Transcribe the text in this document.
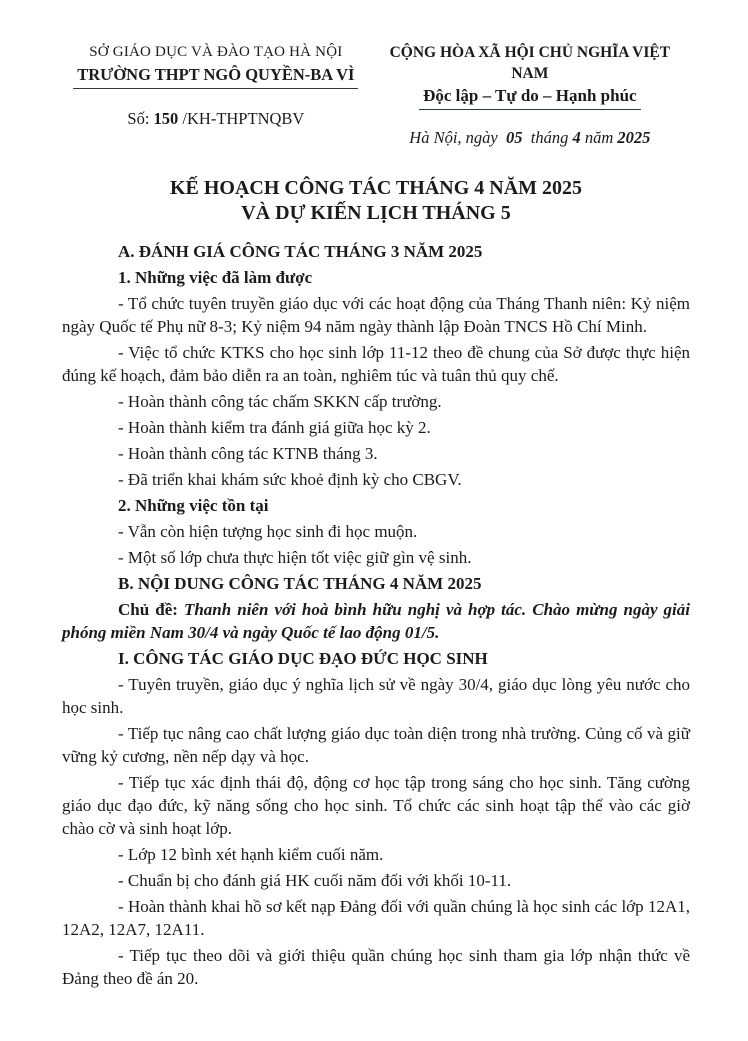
SỞ GIÁO DỤC VÀ ĐÀO TẠO HÀ NỘI
TRƯỜNG THPT NGÔ QUYỀN-BA VÌ
Số: 150 /KH-THPTNQBV
CỘNG HÒA XÃ HỘI CHỦ NGHĨA VIỆT NAM
Độc lập – Tự do – Hạnh phúc
Hà Nội, ngày  05  tháng 4 năm 2025
KẾ HOẠCH CÔNG TÁC THÁNG 4 NĂM 2025
VÀ DỰ KIẾN LỊCH THÁNG 5

A. ĐÁNH GIÁ CÔNG TÁC THÁNG 3 NĂM 2025

1. Những việc đã làm được

- Tổ chức tuyên truyền giáo dục với các hoạt động của Tháng Thanh niên: Kỷ niệm ngày Quốc tế Phụ nữ 8-3; Kỷ niệm 94 năm ngày thành lập Đoàn TNCS Hồ Chí Minh.

- Việc tổ chức KTKS cho học sinh lớp 11-12 theo đề chung của Sở được thực hiện đúng kế hoạch, đảm bảo diễn ra an toàn, nghiêm túc và tuân thủ quy chế.

- Hoàn thành công tác chấm SKKN cấp trường.

- Hoàn thành kiểm tra đánh giá giữa học kỳ 2.

- Hoàn thành công tác KTNB tháng 3.

- Đã triển khai khám sức khoẻ định kỳ cho CBGV.

2. Những việc tồn tại

- Vẫn còn hiện tượng học sinh đi học muộn.

- Một số lớp chưa thực hiện tốt việc giữ gìn vệ sinh.

B. NỘI DUNG CÔNG TÁC THÁNG 4 NĂM 2025

Chủ đề: Thanh niên với hoà bình hữu nghị và hợp tác. Chào mừng ngày giải phóng miền Nam 30/4 và ngày Quốc tế lao động 01/5.

I. CÔNG TÁC GIÁO DỤC ĐẠO ĐỨC HỌC SINH

- Tuyên truyền, giáo dục ý nghĩa lịch sử về ngày 30/4, giáo dục lòng yêu nước cho học sinh.

- Tiếp tục nâng cao chất lượng giáo dục toàn diện trong nhà trường. Củng cố và giữ vững kỷ cương, nền nếp dạy và học.

- Tiếp tục xác định thái độ, động cơ học tập trong sáng cho học sinh. Tăng cường giáo dục đạo đức, kỹ năng sống cho học sinh. Tổ chức các sinh hoạt tập thể vào các giờ chào cờ và sinh hoạt lớp.

- Lớp 12 bình xét hạnh kiểm cuối năm.

- Chuẩn bị cho đánh giá HK cuối năm đối với khối 10-11.

- Hoàn thành khai hồ sơ kết nạp Đảng đối với quần chúng là học sinh các lớp 12A1, 12A2, 12A7, 12A11.

- Tiếp tục theo dõi và giới thiệu quần chúng học sinh tham gia lớp nhận thức về Đảng theo đề án 20.
